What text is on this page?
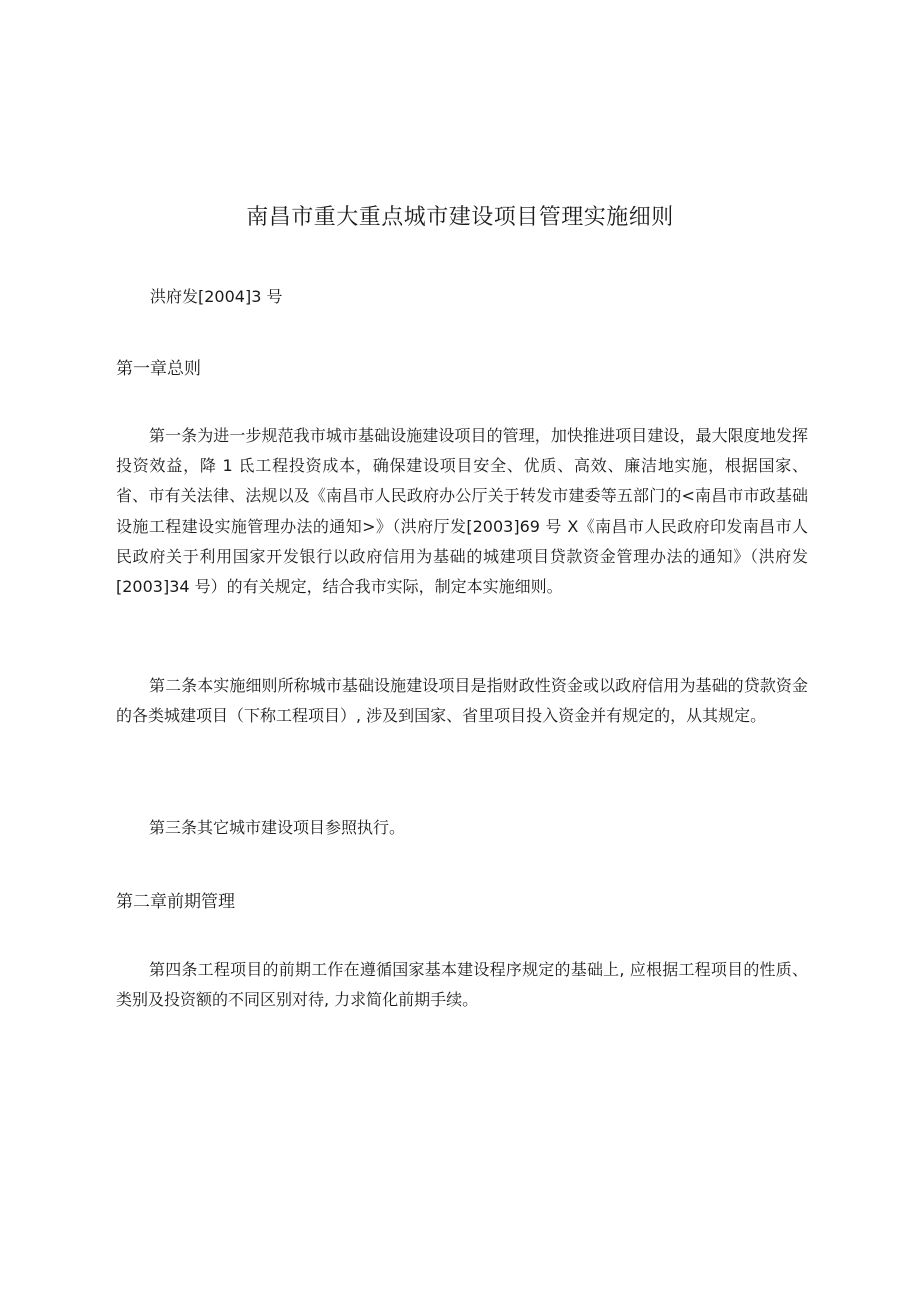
南昌市重大重点城市建设项目管理实施细则

洪府发[2004]3 号

第一章总则

第一条为进一步规范我市城市基础设施建设项目的管理，加快推进项目建设，最大限度地发挥投资效益，降 1 氐工程投资成本，确保建设项目安全、优质、高效、廉洁地实施，根据国家、省、市有关法律、法规以及《南昌市人民政府办公厅关于转发市建委等五部门的<南昌市市政基础设施工程建设实施管理办法的通知>》（洪府厅发[2003]69 号 X《南昌市人民政府印发南昌市人民政府关于利用国家开发银行以政府信用为基础的城建项目贷款资金管理办法的通知》（洪府发[2003]34 号）的有关规定，结合我市实际，制定本实施细则。

第二条本实施细则所称城市基础设施建设项目是指财政性资金或以政府信用为基础的贷款资金的各类城建项目（下称工程项目）, 涉及到国家、省里项目投入资金并有规定的，从其规定。

第三条其它城市建设项目参照执行。

第二章前期管理

第四条工程项目的前期工作在遵循国家基本建设程序规定的基础上, 应根据工程项目的性质、类别及投资额的不同区别对待, 力求简化前期手续。
